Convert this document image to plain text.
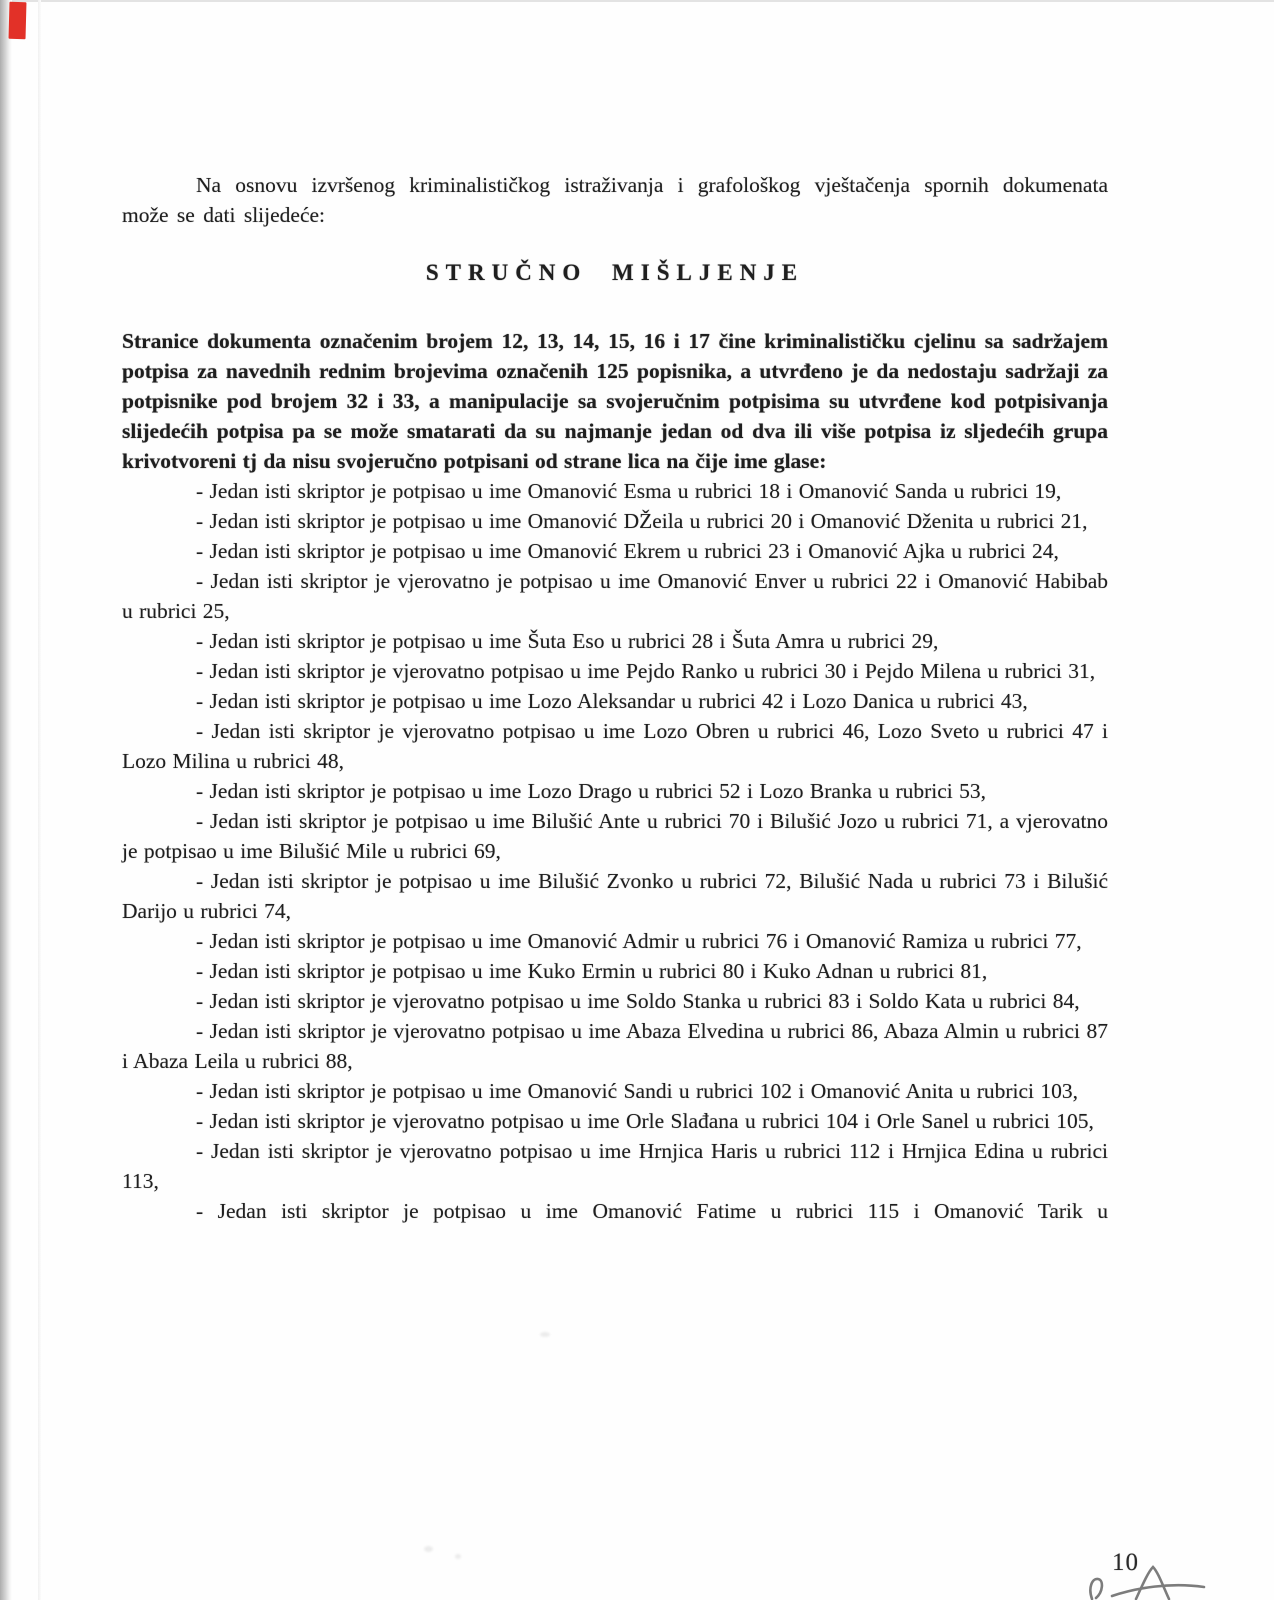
Na osnovu izvršenog kriminalističkog istraživanja i grafološkog vještačenja spornih dokumenata može se dati slijedeće:

STRUČNO MIŠLJENJE

Stranice dokumenta označenim brojem 12, 13, 14, 15, 16 i 17 čine kriminalističku cjelinu sa sadržajem potpisa za navednih rednim brojevima označenih 125 popisnika, a utvrđeno je da nedostaju sadržaji za potpisnike pod brojem 32 i 33, a manipulacije sa svojeručnim potpisima su utvrđene kod potpisivanja slijedećih potpisa pa se može smatarati da su najmanje jedan od dva ili više potpisa iz sljedećih grupa krivotvoreni tj da nisu svojeručno potpisani od strane lica na čije ime glase:

- Jedan isti skriptor je potpisao u ime Omanović Esma u rubrici 18 i Omanović Sanda u rubrici 19,

- Jedan isti skriptor je potpisao u ime Omanović DŽeila u rubrici 20 i Omanović Dženita u rubrici 21,

- Jedan isti skriptor je potpisao u ime Omanović Ekrem u rubrici 23 i Omanović Ajka u rubrici 24,

- Jedan isti skriptor je vjerovatno je potpisao u ime Omanović Enver u rubrici 22 i Omanović Habibab u rubrici 25,

- Jedan isti skriptor je potpisao u ime Šuta Eso u rubrici 28 i Šuta Amra u rubrici 29,

- Jedan isti skriptor je vjerovatno potpisao u ime Pejdo Ranko u rubrici 30 i Pejdo Milena u rubrici 31,

- Jedan isti skriptor je potpisao u ime Lozo Aleksandar u rubrici 42 i Lozo Danica u rubrici 43,

- Jedan isti skriptor je vjerovatno potpisao u ime Lozo Obren u rubrici 46, Lozo Sveto u rubrici 47 i Lozo Milina u rubrici 48,

- Jedan isti skriptor je potpisao u ime Lozo Drago u rubrici 52 i Lozo Branka u rubrici 53,

- Jedan isti skriptor je potpisao u ime Bilušić Ante u rubrici 70 i Bilušić Jozo u rubrici 71, a vjerovatno je potpisao u ime Bilušić Mile u rubrici 69,

- Jedan isti skriptor je potpisao u ime Bilušić Zvonko u rubrici 72, Bilušić Nada u rubrici 73 i Bilušić Darijo u rubrici 74,

- Jedan isti skriptor je potpisao u ime Omanović Admir u rubrici 76 i Omanović Ramiza u rubrici 77,

- Jedan isti skriptor je potpisao u ime Kuko Ermin u rubrici 80 i Kuko Adnan u rubrici 81,

- Jedan isti skriptor je vjerovatno potpisao u ime Soldo Stanka u rubrici 83 i Soldo Kata u rubrici 84,

- Jedan isti skriptor je vjerovatno potpisao u ime Abaza Elvedina u rubrici 86, Abaza Almin u rubrici 87 i Abaza Leila u rubrici 88,

- Jedan isti skriptor je potpisao u ime Omanović Sandi u rubrici 102 i Omanović Anita u rubrici 103,

- Jedan isti skriptor je vjerovatno potpisao u ime Orle Slađana u rubrici 104 i Orle Sanel u rubrici 105,

- Jedan isti skriptor je vjerovatno potpisao u ime Hrnjica Haris u rubrici 112 i Hrnjica Edina u rubrici 113,

- Jedan isti skriptor je potpisao u ime Omanović Fatime u rubrici 115 i Omanović Tarik u

10
